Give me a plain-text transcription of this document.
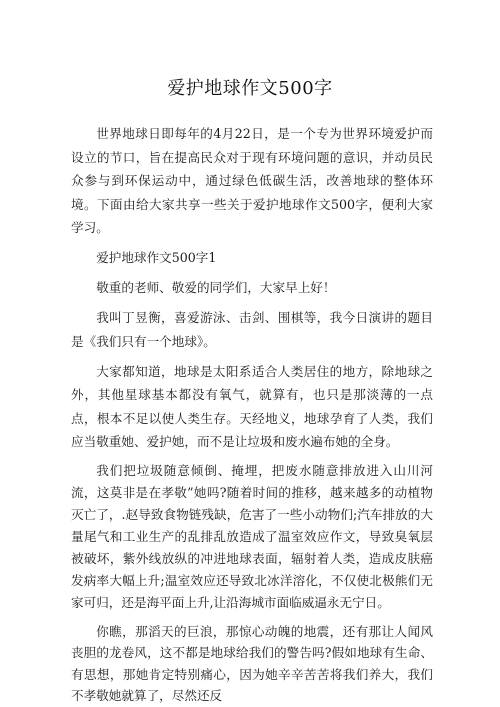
爱护地球作文500字

世界地球日即每年的4月22日，是一个专为世界环境爱护而设立的节口，旨在提高民众对于现有环境问题的意识，并动员民众参与到环保运动中，通过绿色低碳生活，改善地球的整体环境。下面由给大家共享一些关于爱护地球作文500字，便利大家学习。

爱护地球作文500字1

敬重的老师、敬爱的同学们，大家早上好！

我叫丁昱衡，喜爱游泳、击剑、围棋等，我今日演讲的题目是《我们只有一个地球》。

大家都知道，地球是太阳系适合人类居住的地方，除地球之外，其他星球基本都没有氧气，就算有，也只是那淡薄的一点点，根本不足以使人类生存。天经地义，地球孕育了人类，我们应当敬重她、爱护她，而不是让垃圾和废水遍布她的全身。

我们把垃圾随意倾倒、掩埋，把废水随意排放进入山川河流，这莫非是在孝敬”她吗?随着时间的推移，越来越多的动植物灭亡了，.赵导致食物链残缺，危害了一些小动物们;汽车排放的大量尾气和工业生产的乱排乱放造成了温室效应作文，导致臭氧层被破坏，紫外线放纵的冲进地球表面，辐射着人类，造成皮肤癌发病率大幅上升;温室效应还导致北冰洋溶化，不仅使北极熊们无家可归，还是海平面上升,让沿海城市面临威逼永无宁日。

你瞧，那滔天的巨浪，那惊心动魄的地震，还有那让人闻风丧胆的龙卷风，这不都是地球给我们的警告吗?假如地球有生命、有思想，那她肯定特别痛心，因为她辛辛苦苦将我们养大，我们不孝敬她就算了，尽然还反
